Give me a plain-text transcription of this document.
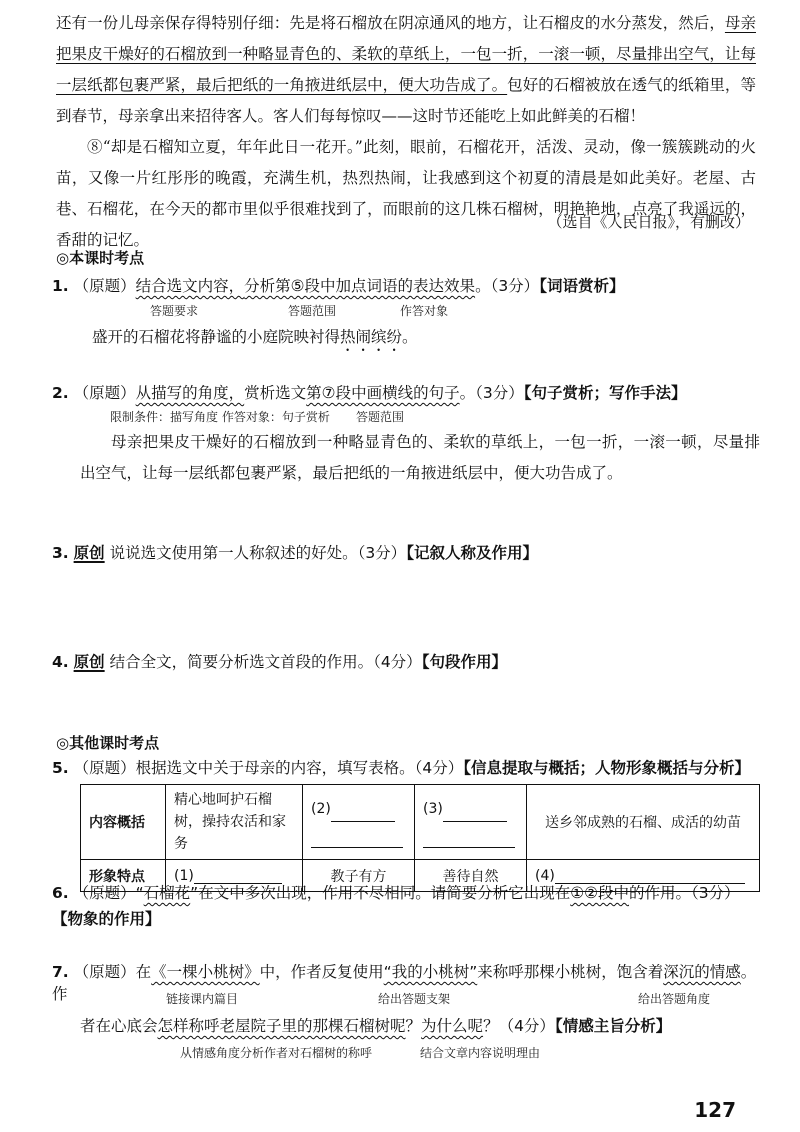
还有一份儿母亲保存得特别仔细：先是将石榴放在阴凉通风的地方，让石榴皮的水分蒸发，然后，母亲把果皮干燥好的石榴放到一种略显青色的、柔软的草纸上，一包一折，一滚一顿，尽量排出空气，让每一层纸都包裹严紧，最后把纸的一角掖进纸层中，便大功告成了。包好的石榴被放在透气的纸箱里，等到春节，母亲拿出来招待客人。客人们每每惊叹——这时节还能吃上如此鲜美的石榴！

⑧“却是石榴知立夏，年年此日一花开。”此刻，眼前，石榴花开，活泼、灵动，像一簇簇跳动的火苗，又像一片红彤彤的晚霞，充满生机，热烈热闹，让我感到这个初夏的清晨是如此美好。老屋、古巷、石榴花，在今天的都市里似乎很难找到了，而眼前的这几株石榴树，明艳艳地，点亮了我遥远的，香甜的记忆。

（选自《人民日报》，有删改）
◎本课时考点
1. （原题）结合选文内容，分析第⑤段中加点词语的表达效果。（3分）【词语赏析】
答题要求	答题范围	作答对象
盛开的石榴花将静谧的小庭院映衬得热闹缤纷。
2. （原题）从描写的角度，赏析选文第⑦段中画横线的句子。（3分）【句子赏析；写作手法】
限制条件：描写角度 作答对象：句子赏析 答题范围
母亲把果皮干燥好的石榴放到一种略显青色的、柔软的草纸上，一包一折，一滚一顿，尽量排出空气，让每一层纸都包裹严紧，最后把纸的一角掖进纸层中，便大功告成了。
3. 原创 说说选文使用第一人称叙述的好处。（3分）【记叙人称及作用】
4. 原创 结合全文，简要分析选文首段的作用。（4分）【句段作用】
◎其他课时考点
5. （原题）根据选文中关于母亲的内容，填写表格。（4分）【信息提取与概括；人物形象概括与分析】
内容概括	精心地呵护石榴树，操持农活和家务	(2)	(3)	送乡邻成熟的石榴、成活的幼苗
形象特点	(1)	教子有方	善待自然	(4)
6. （原题）“石榴花”在文中多次出现，作用不尽相同。请简要分析它出现在①②段中的作用。（3分）
【物象的作用】
7. （原题）在《一棵小桃树》中，作者反复使用“我的小桃树”来称呼那棵小桃树，饱含着深沉的情感。作	链接课内篇目	给出答题支架	给出答题角度
者在心底会怎样称呼老屋院子里的那棵石榴树呢？为什么呢？（4分）【情感主旨分析】
从情感角度分析作者对石榴树的称呼	结合文章内容说明理由
127
